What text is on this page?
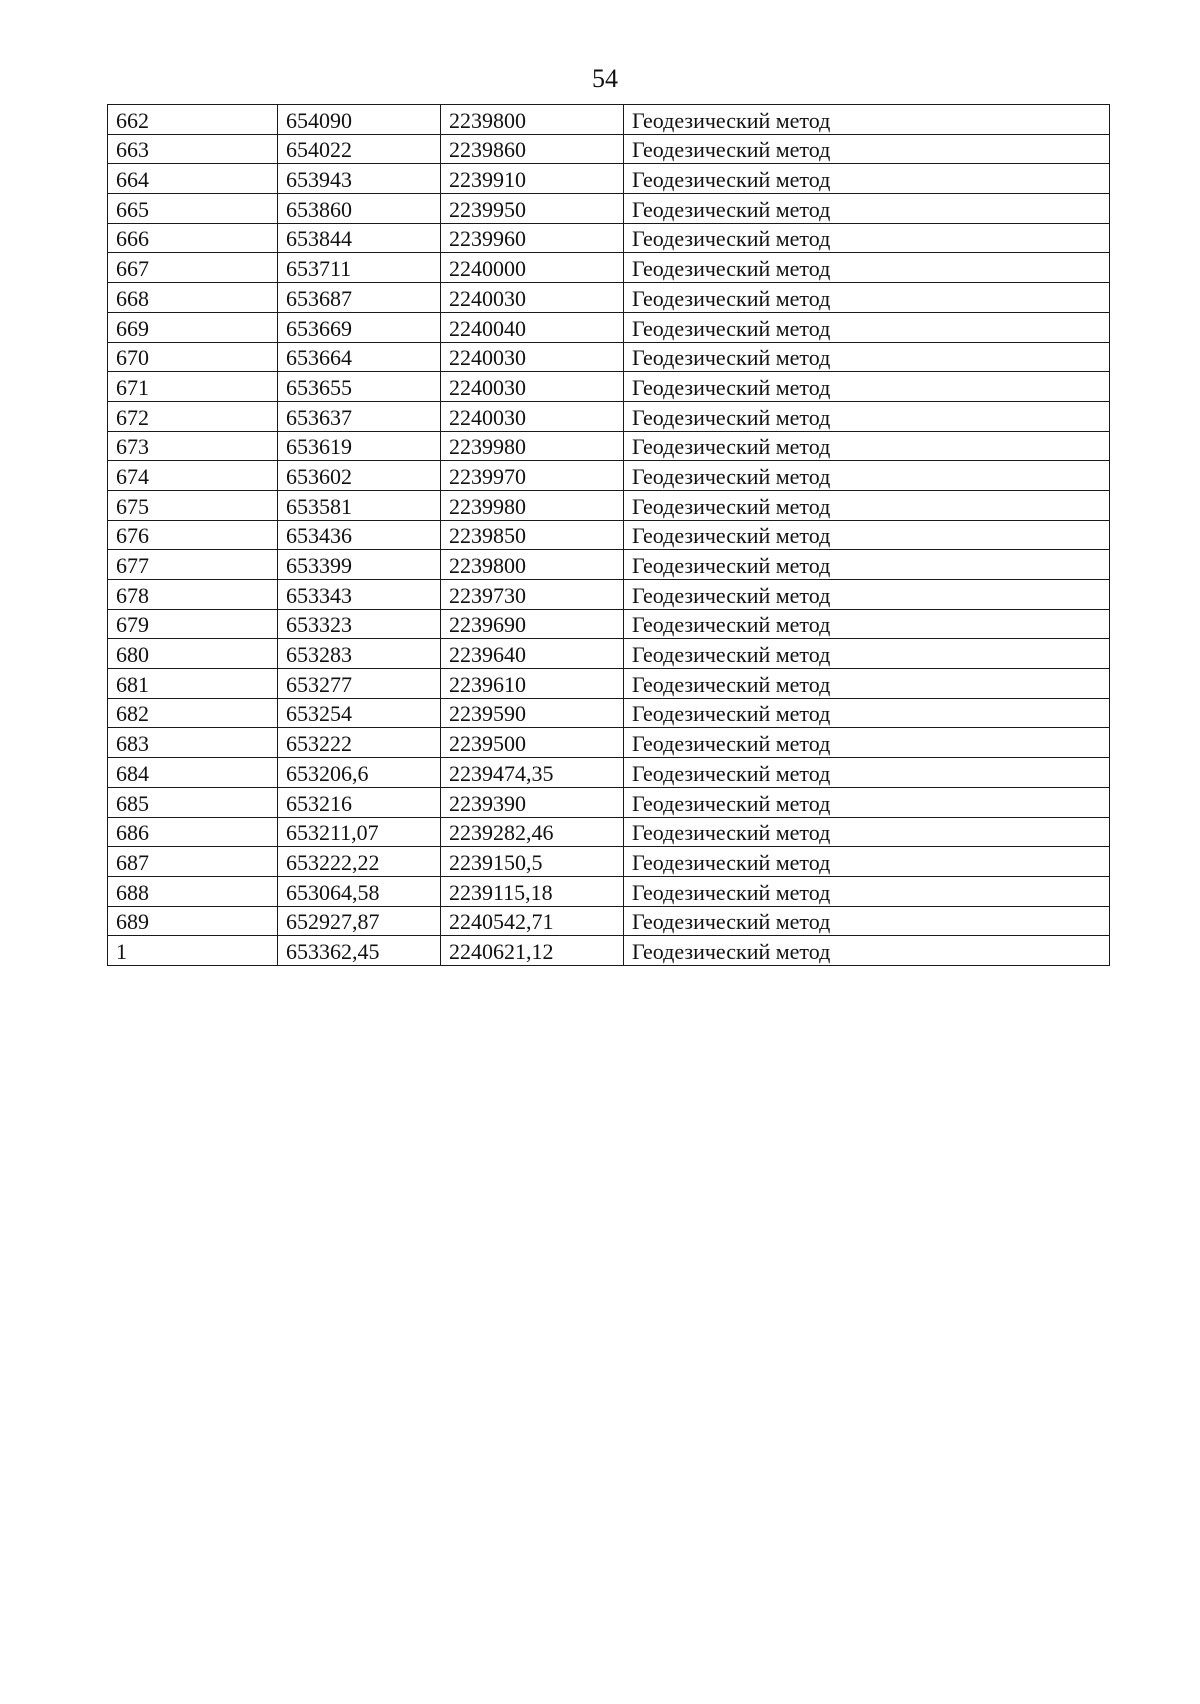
54
662	654090	2239800	Геодезический метод
663	654022	2239860	Геодезический метод
664	653943	2239910	Геодезический метод
665	653860	2239950	Геодезический метод
666	653844	2239960	Геодезический метод
667	653711	2240000	Геодезический метод
668	653687	2240030	Геодезический метод
669	653669	2240040	Геодезический метод
670	653664	2240030	Геодезический метод
671	653655	2240030	Геодезический метод
672	653637	2240030	Геодезический метод
673	653619	2239980	Геодезический метод
674	653602	2239970	Геодезический метод
675	653581	2239980	Геодезический метод
676	653436	2239850	Геодезический метод
677	653399	2239800	Геодезический метод
678	653343	2239730	Геодезический метод
679	653323	2239690	Геодезический метод
680	653283	2239640	Геодезический метод
681	653277	2239610	Геодезический метод
682	653254	2239590	Геодезический метод
683	653222	2239500	Геодезический метод
684	653206,6	2239474,35	Геодезический метод
685	653216	2239390	Геодезический метод
686	653211,07	2239282,46	Геодезический метод
687	653222,22	2239150,5	Геодезический метод
688	653064,58	2239115,18	Геодезический метод
689	652927,87	2240542,71	Геодезический метод
1	653362,45	2240621,12	Геодезический метод
